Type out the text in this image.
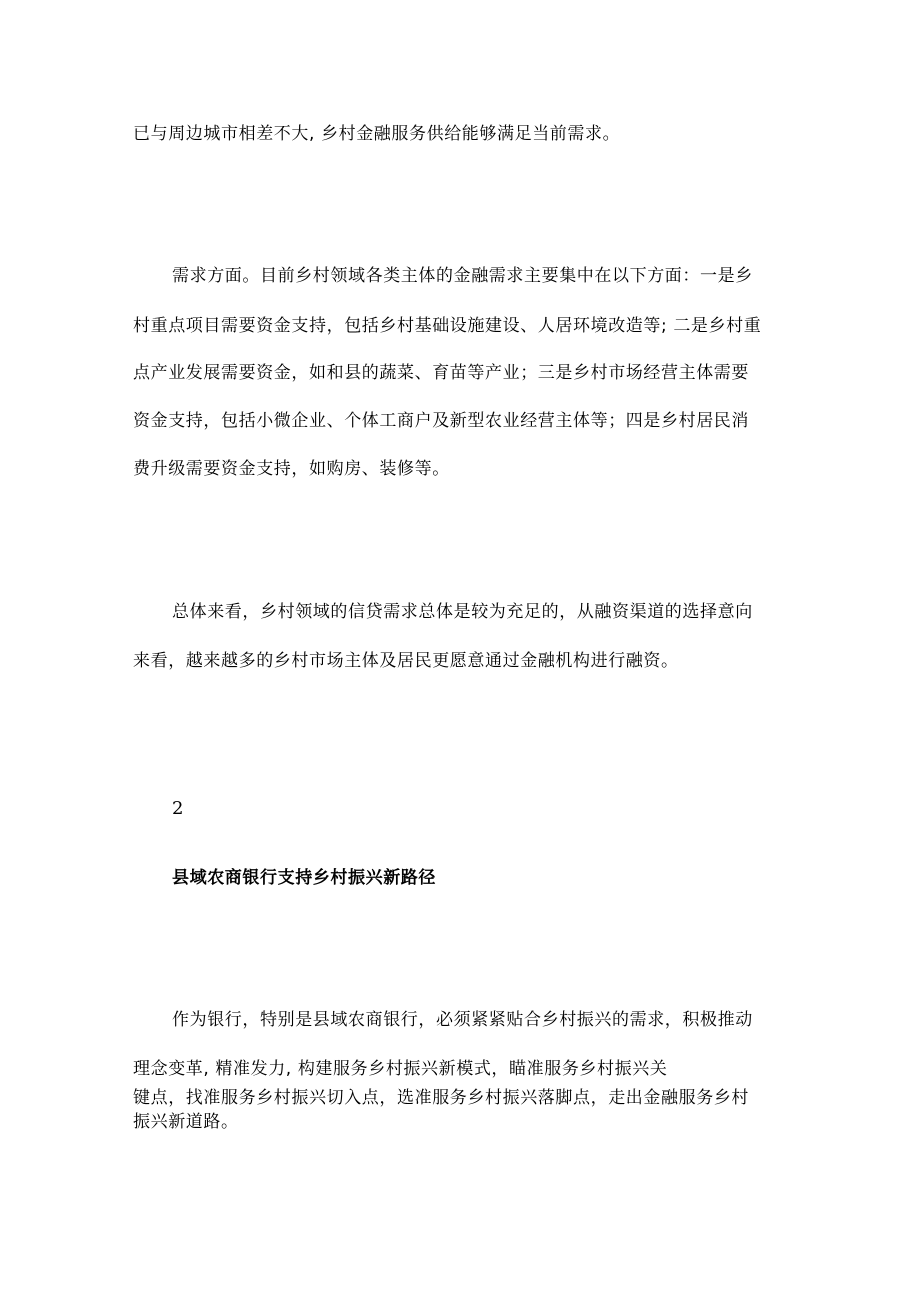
已与周边城市相差不大, 乡村金融服务供给能够满足当前需求。
需求方面。目前乡村领域各类主体的金融需求主要集中在以下方面：一是乡
村重点项目需要资金支持，包括乡村基础设施建设、人居环境改造等; 二是乡村重
点产业发展需要资金，如和县的蔬菜、育苗等产业；三是乡村市场经营主体需要
资金支持，包括小微企业、个体工商户及新型农业经营主体等；四是乡村居民消
费升级需要资金支持，如购房、装修等。
总体来看，乡村领域的信贷需求总体是较为充足的，从融资渠道的选择意向
来看，越来越多的乡村市场主体及居民更愿意通过金融机构进行融资。
2
县域农商银行支持乡村振兴新路径
作为银行，特别是县域农商银行，必须紧紧贴合乡村振兴的需求，积极推动
理念变革, 精准发力, 构建服务乡村振兴新模式，瞄准服务乡村振兴关
键点，找准服务乡村振兴切入点，选准服务乡村振兴落脚点，走出金融服务乡村
振兴新道路。
